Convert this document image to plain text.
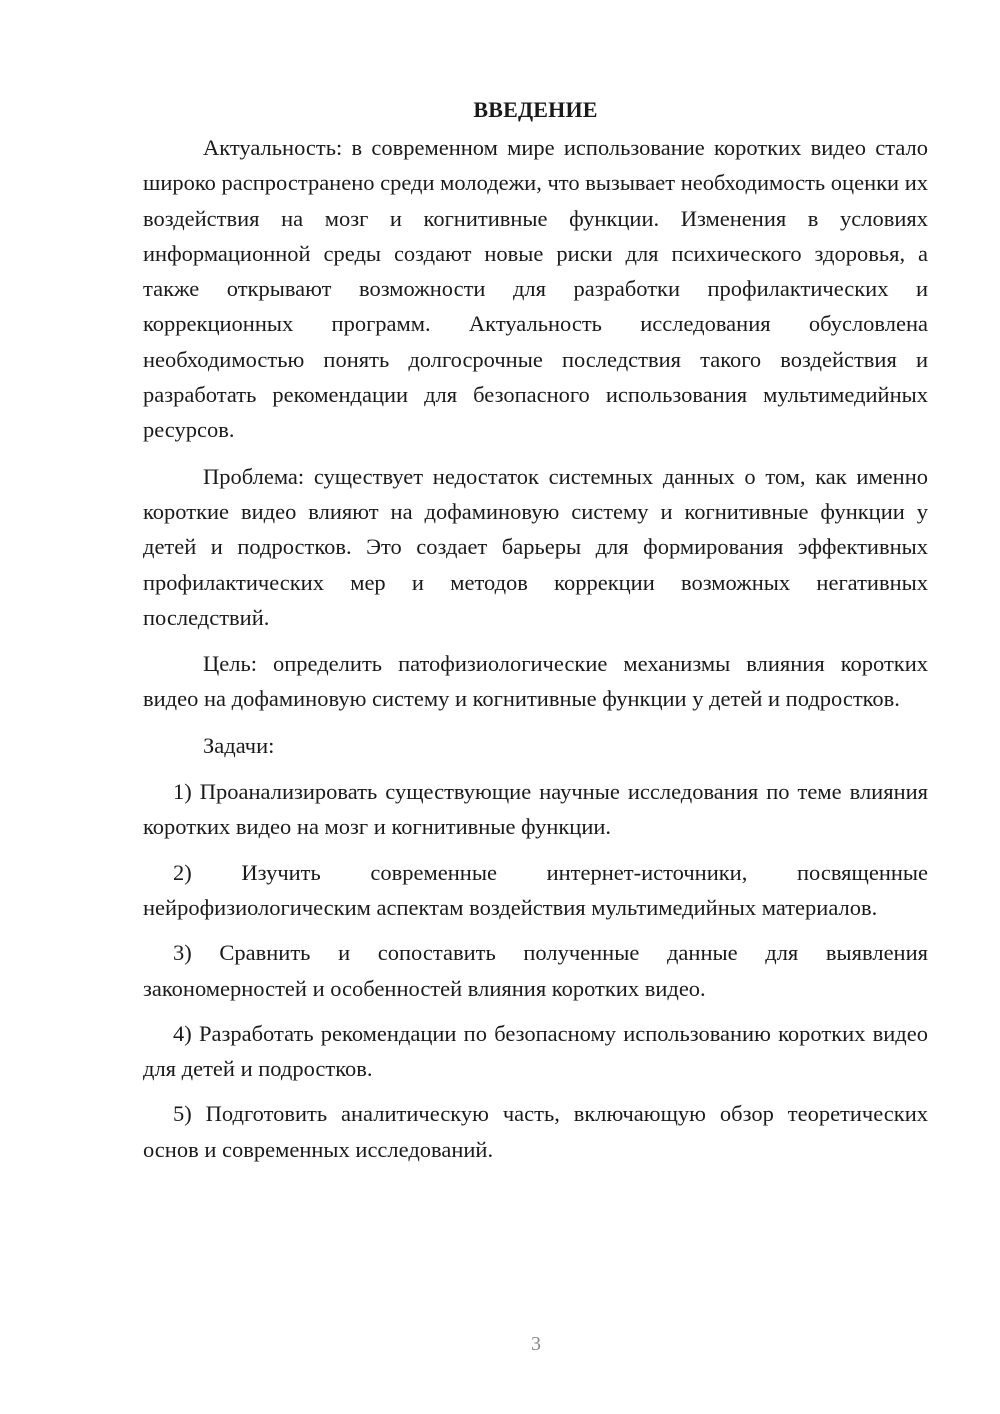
ВВЕДЕНИЕ

Актуальность: в современном мире использование коротких видео стало широко распространено среди молодежи, что вызывает необходимость оценки их воздействия на мозг и когнитивные функции. Изменения в условиях информационной среды создают новые риски для психического здоровья, а также открывают возможности для разработки профилактических и коррекционных программ. Актуальность исследования обусловлена необходимостью понять долгосрочные последствия такого воздействия и разработать рекомендации для безопасного использования мультимедийных ресурсов.

Проблема: существует недостаток системных данных о том, как именно короткие видео влияют на дофаминовую систему и когнитивные функции у детей и подростков. Это создает барьеры для формирования эффективных профилактических мер и методов коррекции возможных негативных последствий.

Цель: определить патофизиологические механизмы влияния коротких видео на дофаминовую систему и когнитивные функции у детей и подростков.

Задачи:

1) Проанализировать существующие научные исследования по теме влияния коротких видео на мозг и когнитивные функции.

2) Изучить современные интернет-источники, посвященные нейрофизиологическим аспектам воздействия мультимедийных материалов.

3) Сравнить и сопоставить полученные данные для выявления закономерностей и особенностей влияния коротких видео.

4) Разработать рекомендации по безопасному использованию коротких видео для детей и подростков.

5) Подготовить аналитическую часть, включающую обзор теоретических основ и современных исследований.

3
